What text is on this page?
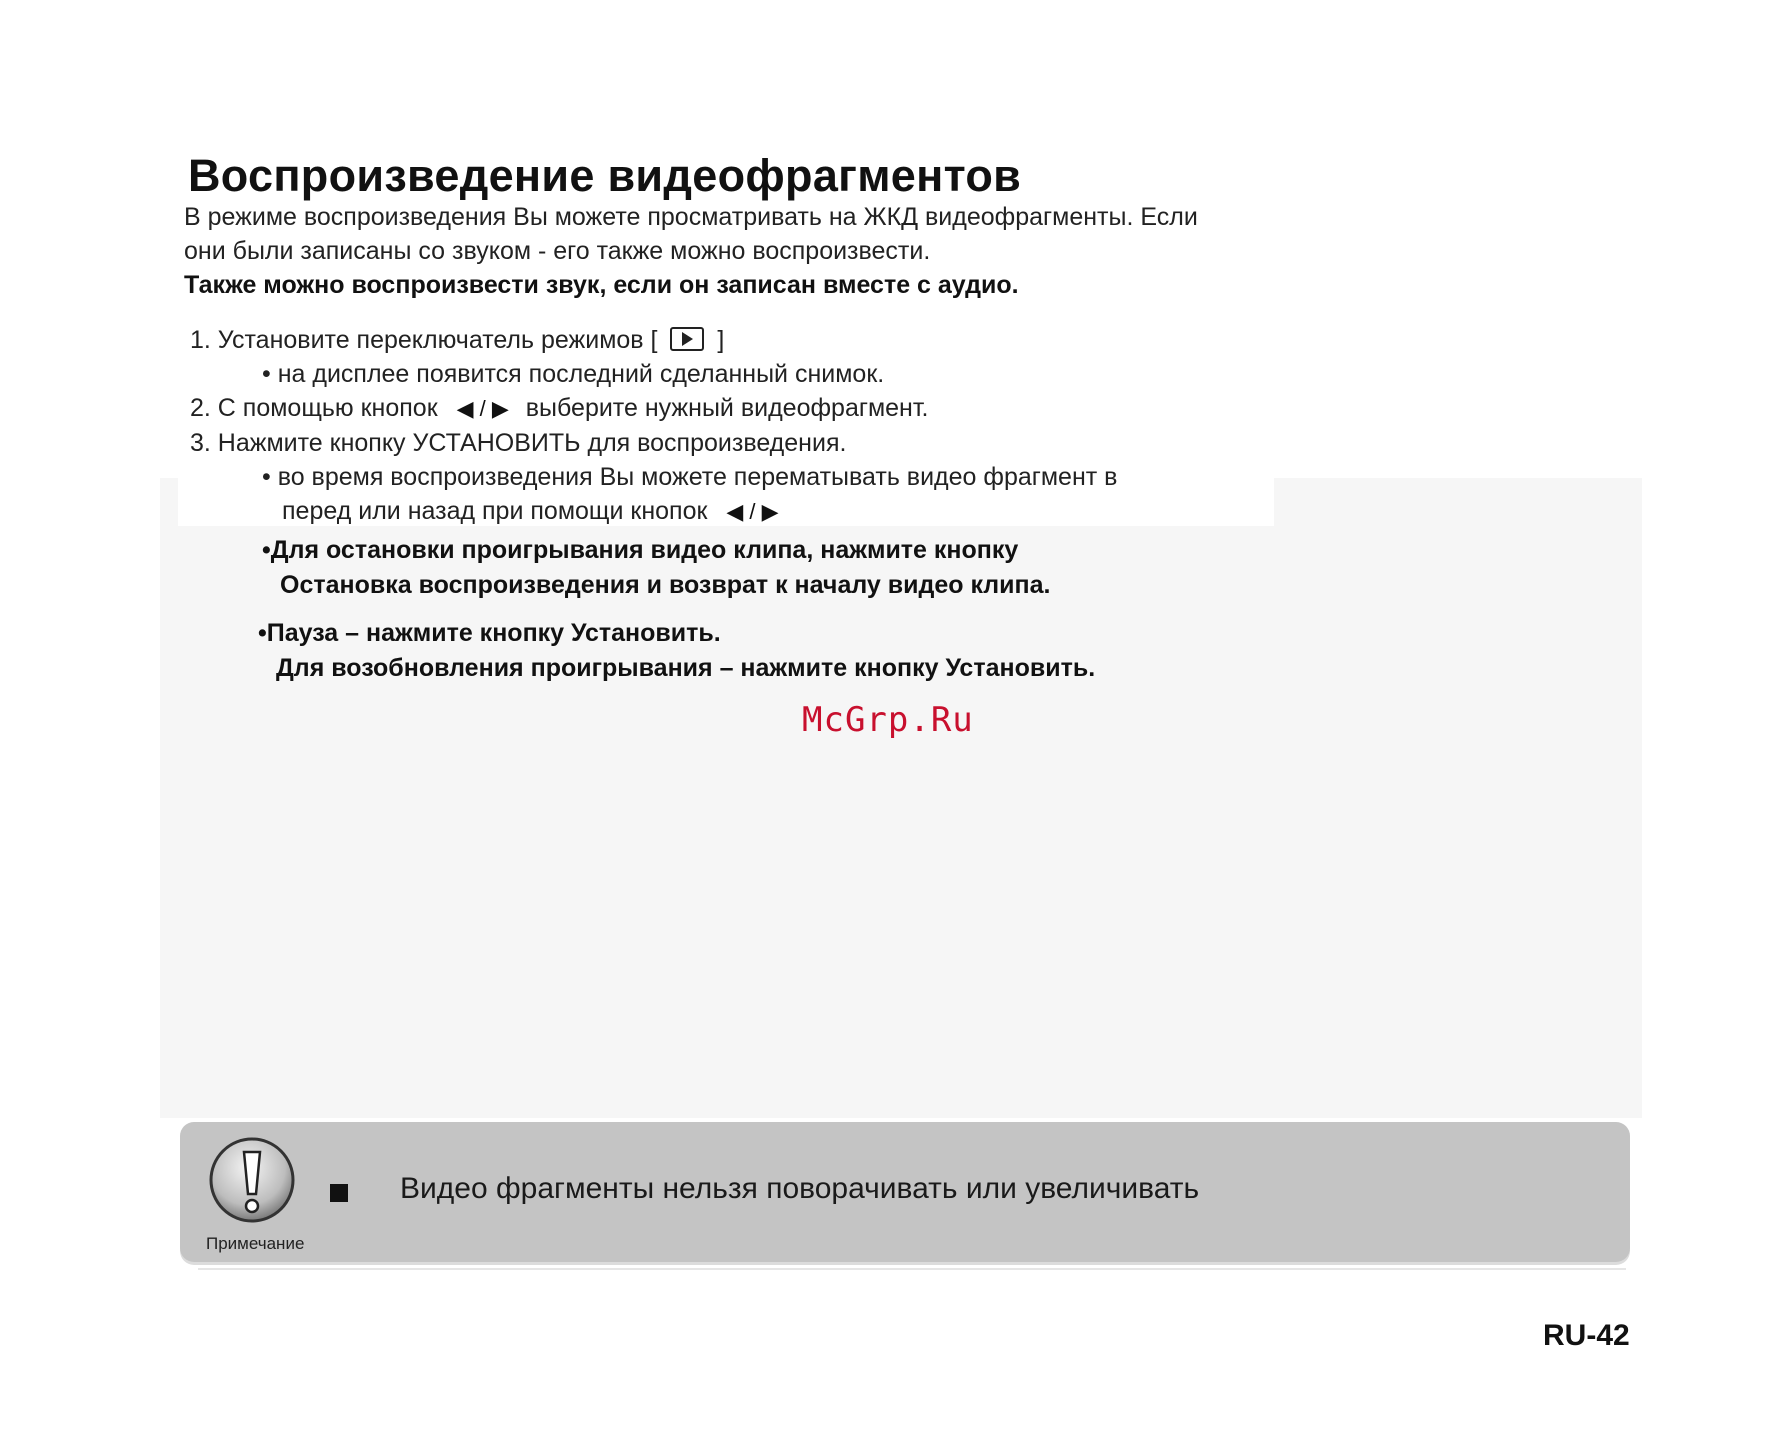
Воспроизведение видеофрагментов
В режиме воспроизведения Вы можете просматривать на ЖКД видеофрагменты. Если
они были записаны со звуком - его также можно воспроизвести.
Также можно воспроизвести звук, если он записан вместе с аудио.
1. Установите переключатель режимов [ ]
• на дисплее появится последний сделанный снимок.
2. С помощью кнопок ◀ / ▶ выберите нужный видеофрагмент.
3. Нажмите кнопку УСТАНОВИТЬ для воспроизведения.
• во время воспроизведения Вы можете перематывать видео фрагмент в
перед или назад при помощи кнопок ◀ / ▶
•Для остановки проигрывания видео клипа, нажмите кнопку
Остановка воспроизведения и возврат к началу видео клипа.
•Пауза – нажмите кнопку Установить.
Для возобновления проигрывания – нажмите кнопку Установить.
McGrp.Ru
Примечание
Видео фрагменты нельзя поворачивать или увеличивать
RU-42
